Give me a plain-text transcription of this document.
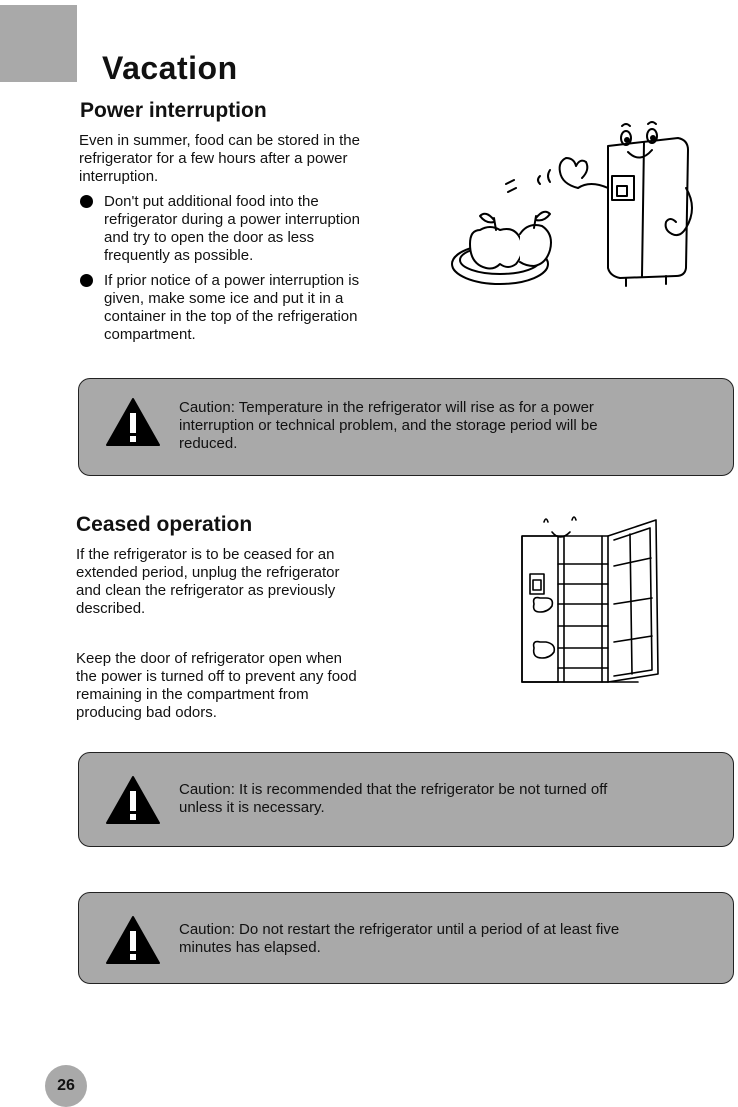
Vacation
Power interruption

Even in summer, food can be stored in the

refrigerator for a few hours after a power

interruption.

Don't put additional food into the

refrigerator during a power interruption

and try to open the door as less

frequently as possible.

If prior notice of a power interruption is

given, make some ice and put it in a

container in the top of the refrigeration

compartment.

Caution: Temperature in the refrigerator will rise as for a power

interruption or technical problem, and the storage period will be

reduced.

Ceased operation

If the refrigerator is to be ceased for an

extended period, unplug the refrigerator

and clean the refrigerator as previously

described.

Keep the door of refrigerator open when

the power is turned off to prevent any food

remaining in the compartment from

producing bad odors.

Caution: It is recommended that the refrigerator be not turned off

unless it is necessary.

Caution: Do not restart the refrigerator until a period of at least five

minutes has elapsed.

26
